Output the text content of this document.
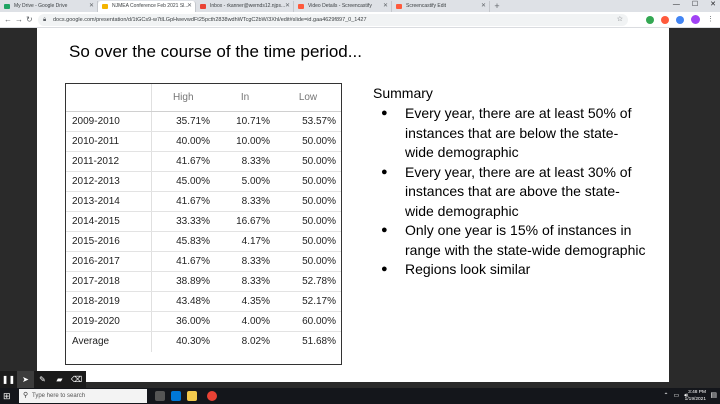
My Drive - Google Drive	✕	NJMEA Conference Feb 2021 Sl...
✕	Inbox - rkanner@wernds12.njps... ✕	Video Details - Screencastify ✕	Screencastify Edit	✕ +	— ☐ ✕
← → ↻ 🔒︎ docs.google.com/presentation/d/1tGCs9-w7tlLGpHwevwdFt25pcth2838wdhWTcgC2bW/3Xhl/edit#slide=id.gaa4629f897_0_1427	☆	⋮
So over the course of the time period...
	High	In	Low
2009-2010	35.71%	10.71%	53.57%
2010-2011	40.00%	10.00%	50.00%
2011-2012	41.67%	8.33%	50.00%
2012-2013	45.00%	5.00%	50.00%
2013-2014	41.67%	8.33%	50.00%
2014-2015	33.33%	16.67%	50.00%
2015-2016	45.83%	4.17%	50.00%
2016-2017	41.67%	8.33%	50.00%
2017-2018	38.89%	8.33%	52.78%
2018-2019	43.48%	4.35%	52.17%
2019-2020	36.00%	4.00%	60.00%
Average	40.30%	8.02%	51.68%
Summary
● Every year, there are at least 50% of instances that are below the state-wide demographic
● Every year, there are at least 30% of instances that are above the state-wide demographic
● Only one year is 15% of instances in range with the state-wide demographic
● Regions look similar
❚❚ ➤	✎	▰	⌫
⊞ ⚲ Type here to search	⌃ ▭ 🔊︎
3:48 PM
1/19/2021
▤
